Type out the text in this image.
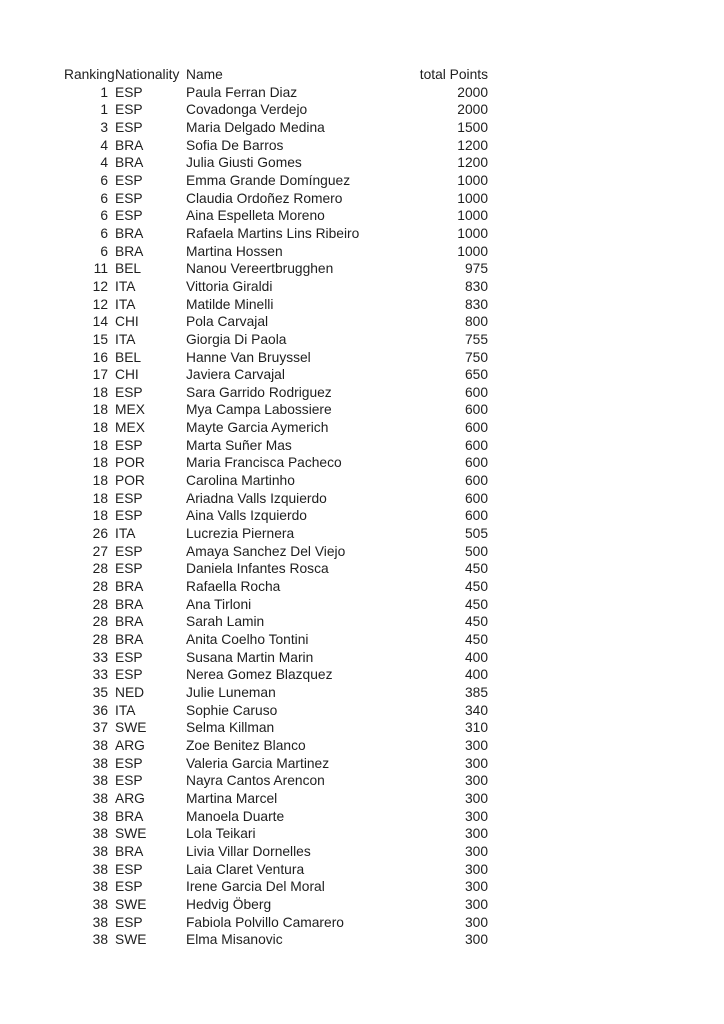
Ranking	Nationality	Name	total Points
1	ESP	Paula Ferran Diaz	2000
1	ESP	Covadonga Verdejo	2000
3	ESP	Maria Delgado Medina	1500
4	BRA	Sofia De Barros	1200
4	BRA	Julia Giusti Gomes	1200
6	ESP	Emma Grande Domínguez	1000
6	ESP	Claudia Ordoñez Romero	1000
6	ESP	Aina Espelleta Moreno	1000
6	BRA	Rafaela Martins Lins Ribeiro	1000
6	BRA	Martina Hossen	1000
11	BEL	Nanou Vereertbrugghen	975
12	ITA	Vittoria Giraldi	830
12	ITA	Matilde Minelli	830
14	CHI	Pola Carvajal	800
15	ITA	Giorgia Di Paola	755
16	BEL	Hanne Van Bruyssel	750
17	CHI	Javiera Carvajal	650
18	ESP	Sara Garrido Rodriguez	600
18	MEX	Mya Campa Labossiere	600
18	MEX	Mayte Garcia Aymerich	600
18	ESP	Marta Suñer Mas	600
18	POR	Maria Francisca Pacheco	600
18	POR	Carolina Martinho	600
18	ESP	Ariadna Valls Izquierdo	600
18	ESP	Aina Valls Izquierdo	600
26	ITA	Lucrezia Piernera	505
27	ESP	Amaya Sanchez Del Viejo	500
28	ESP	Daniela Infantes Rosca	450
28	BRA	Rafaella Rocha	450
28	BRA	Ana Tirloni	450
28	BRA	Sarah Lamin	450
28	BRA	Anita Coelho Tontini	450
33	ESP	Susana Martin Marin	400
33	ESP	Nerea Gomez Blazquez	400
35	NED	Julie Luneman	385
36	ITA	Sophie Caruso	340
37	SWE	Selma Killman	310
38	ARG	Zoe Benitez Blanco	300
38	ESP	Valeria Garcia Martinez	300
38	ESP	Nayra Cantos Arencon	300
38	ARG	Martina Marcel	300
38	BRA	Manoela Duarte	300
38	SWE	Lola Teikari	300
38	BRA	Livia Villar Dornelles	300
38	ESP	Laia Claret Ventura	300
38	ESP	Irene Garcia Del Moral	300
38	SWE	Hedvig Öberg	300
38	ESP	Fabiola Polvillo Camarero	300
38	SWE	Elma Misanovic	300
